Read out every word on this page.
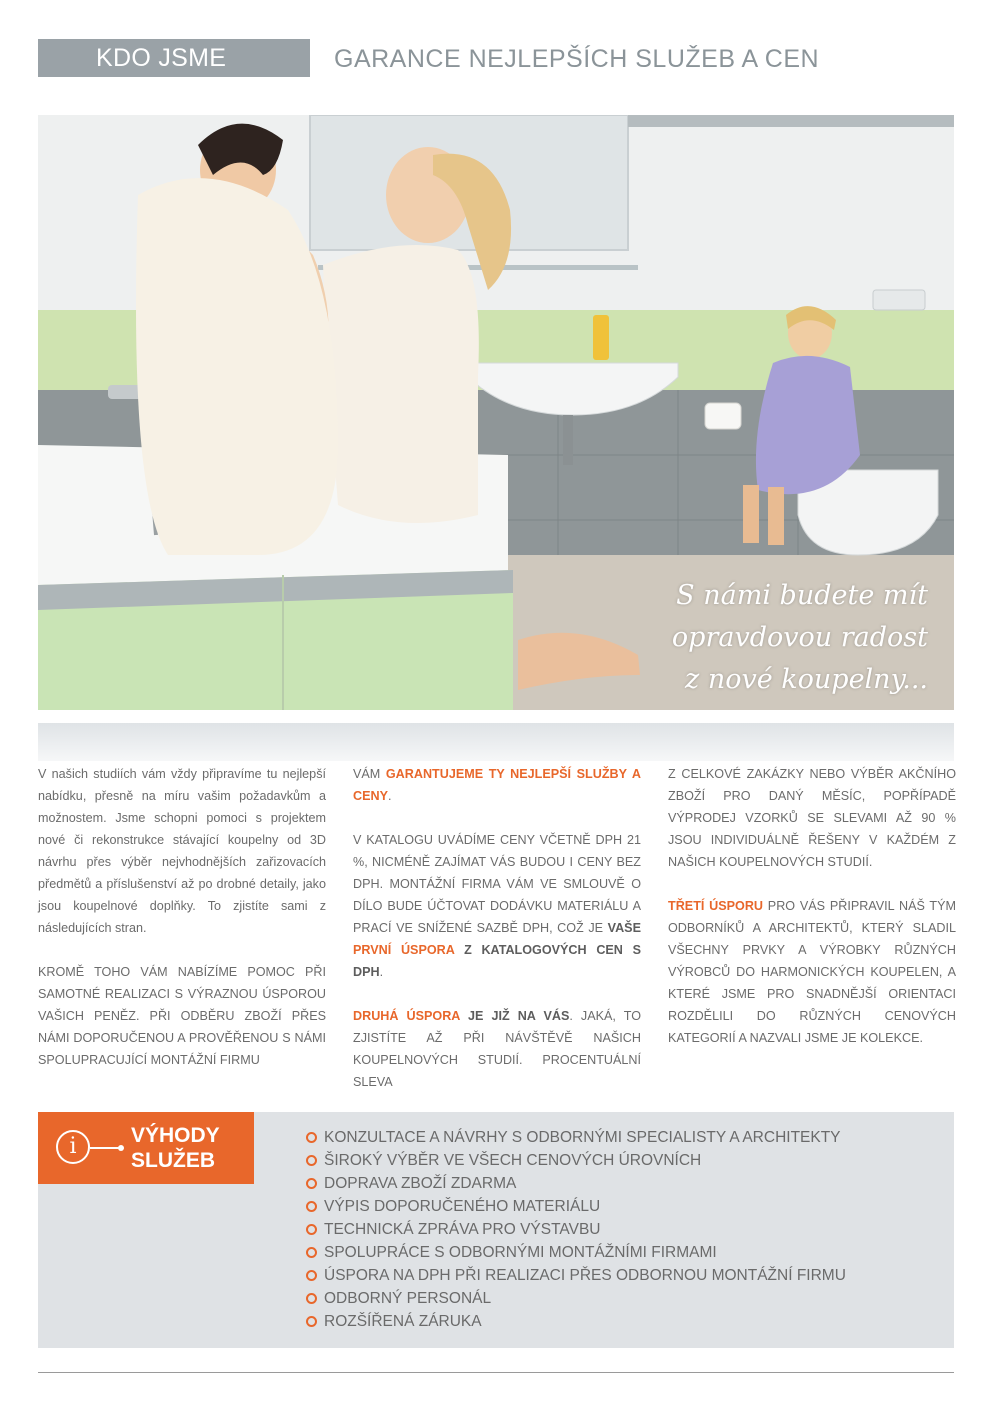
KDO JSME	GARANCE NEJLEPŠÍCH SLUŽEB A CEN
S námi budete mít
opravdovou radost
z nové koupelny...

V našich studiích vám vždy připravíme tu nejlepší nabídku, přesně na míru vašim požadavkům a možnostem. Jsme schopni pomoci s projektem nové či rekonstrukce stávající koupelny od 3D návrhu přes výběr nejvhodnějších zařizovacích předmětů a příslušenství až po drobné detaily, jako jsou koupelnové doplňky. To zjistíte sami z následujících stran.

KROMĚ TOHO VÁM NABÍZÍME POMOC PŘI SAMOTNÉ REALIZACI S VÝRAZNOU ÚSPOROU VAŠICH PENĚZ. PŘI ODBĚRU ZBOŽÍ PŘES NÁMI DOPORUČENOU A PROVĚŘENOU S NÁMI SPOLUPRACUJÍCÍ MONTÁŽNÍ FIRMU

VÁM GARANTUJEME TY NEJLEPŠÍ SLUŽBY A CENY.

V KATALOGU UVÁDÍME CENY VČETNĚ DPH 21 %, NICMÉNĚ ZAJÍMAT VÁS BUDOU I CENY BEZ DPH. MONTÁŽNÍ FIRMA VÁM VE SMLOUVĚ O DÍLO BUDE ÚČTOVAT DODÁVKU MATERIÁLU A PRACÍ VE SNÍŽENÉ SAZBĚ DPH, COŽ JE VAŠE PRVNÍ ÚSPORA Z KATALOGOVÝCH CEN S DPH.

DRUHÁ ÚSPORA JE JIŽ NA VÁS. JAKÁ, TO ZJISTÍTE AŽ PŘI NÁVŠTĚVĚ NAŠICH KOUPELNOVÝCH STUDIÍ. PROCENTUÁLNÍ SLEVA

Z CELKOVÉ ZAKÁZKY NEBO VÝBĚR AKČNÍHO ZBOŽÍ PRO DANÝ MĚSÍC, POPŘÍPADĚ VÝPRODEJ VZORKŮ SE SLEVAMI AŽ 90 % JSOU INDIVIDUÁLNĚ ŘEŠENY V KAŽDÉM Z NAŠICH KOUPELNOVÝCH STUDIÍ.

TŘETÍ ÚSPORU PRO VÁS PŘIPRAVIL NÁŠ TÝM ODBORNÍKŮ A ARCHITEKTŮ, KTERÝ SLADIL VŠECHNY PRVKY A VÝROBKY RŮZNÝCH VÝROBCŮ DO HARMONICKÝCH KOUPELEN, A KTERÉ JSME PRO SNADNĚJŠÍ ORIENTACI ROZDĚLILI DO RŮZNÝCH CENOVÝCH KATEGORIÍ A NAZVALI JSME JE KOLEKCE.

i	VÝHODY
SLUŽEB
KONZULTACE A NÁVRHY S ODBORNÝMI SPECIALISTY A ARCHITEKTY
ŠIROKÝ VÝBĚR VE VŠECH CENOVÝCH ÚROVNÍCH
DOPRAVA ZBOŽÍ ZDARMA
VÝPIS DOPORUČENÉHO MATERIÁLU
TECHNICKÁ ZPRÁVA PRO VÝSTAVBU
SPOLUPRÁCE S ODBORNÝMI MONTÁŽNÍMI FIRMAMI
ÚSPORA NA DPH PŘI REALIZACI PŘES ODBORNOU MONTÁŽNÍ FIRMU
ODBORNÝ PERSONÁL
ROZŠÍŘENÁ ZÁRUKA
